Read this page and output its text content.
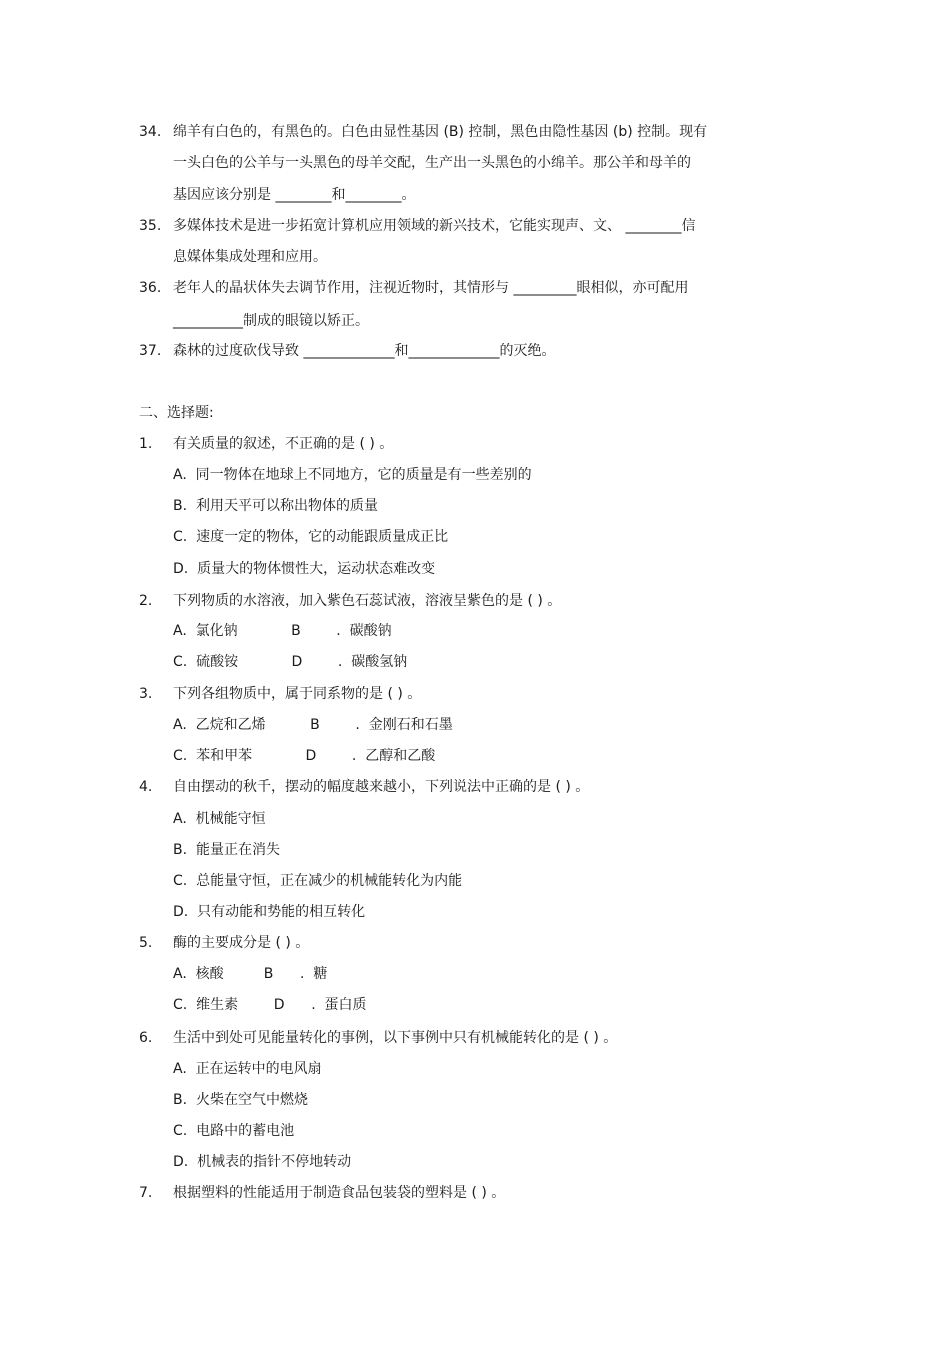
34. 绵羊有白色的，有黑色的。白色由显性基因 (B) 控制，黑色由隐性基因 (b) 控制。现有
一头白色的公羊与一头黑色的母羊交配，生产出一头黑色的小绵羊。那公羊和母羊的
基因应该分别是 ________和________。
35. 多媒体技术是进一步拓宽计算机应用领域的新兴技术，它能实现声、文、 ________信
息媒体集成处理和应用。
36. 老年人的晶状体失去调节作用，注视近物时，其情形与 _________眼相似，亦可配用
__________制成的眼镜以矫正。
37. 森林的过度砍伐导致 _____________和_____________的灭绝。
二、选择题:
1. 有关质量的叙述，不正确的是 ( ) 。
A.  同一物体在地球上不同地方，它的质量是有一些差别的
B.  利用天平可以称出物体的质量
C.  速度一定的物体，它的动能跟质量成正比
D.  质量大的物体惯性大，运动状态难改变
2. 下列物质的水溶液，加入紫色石蕊试液，溶液呈紫色的是 ( ) 。
A.  氯化钠            B        .  碳酸钠
C.  硫酸铵            D        .  碳酸氢钠
3. 下列各组物质中，属于同系物的是 ( ) 。
A.  乙烷和乙烯          B        .  金刚石和石墨
C.  苯和甲苯            D        .  乙醇和乙酸
4. 自由摆动的秋千，摆动的幅度越来越小，下列说法中正确的是 ( ) 。
A.  机械能守恒
B.  能量正在消失
C.  总能量守恒，正在减少的机械能转化为内能
D.  只有动能和势能的相互转化
5. 酶的主要成分是 ( ) 。
A.  核酸         B      .  糖
C.  维生素        D      .  蛋白质
6. 生活中到处可见能量转化的事例，以下事例中只有机械能转化的是 ( ) 。
A.  正在运转中的电风扇
B.  火柴在空气中燃烧
C.  电路中的蓄电池
D.  机械表的指针不停地转动
7. 根据塑料的性能适用于制造食品包装袋的塑料是 ( ) 。
